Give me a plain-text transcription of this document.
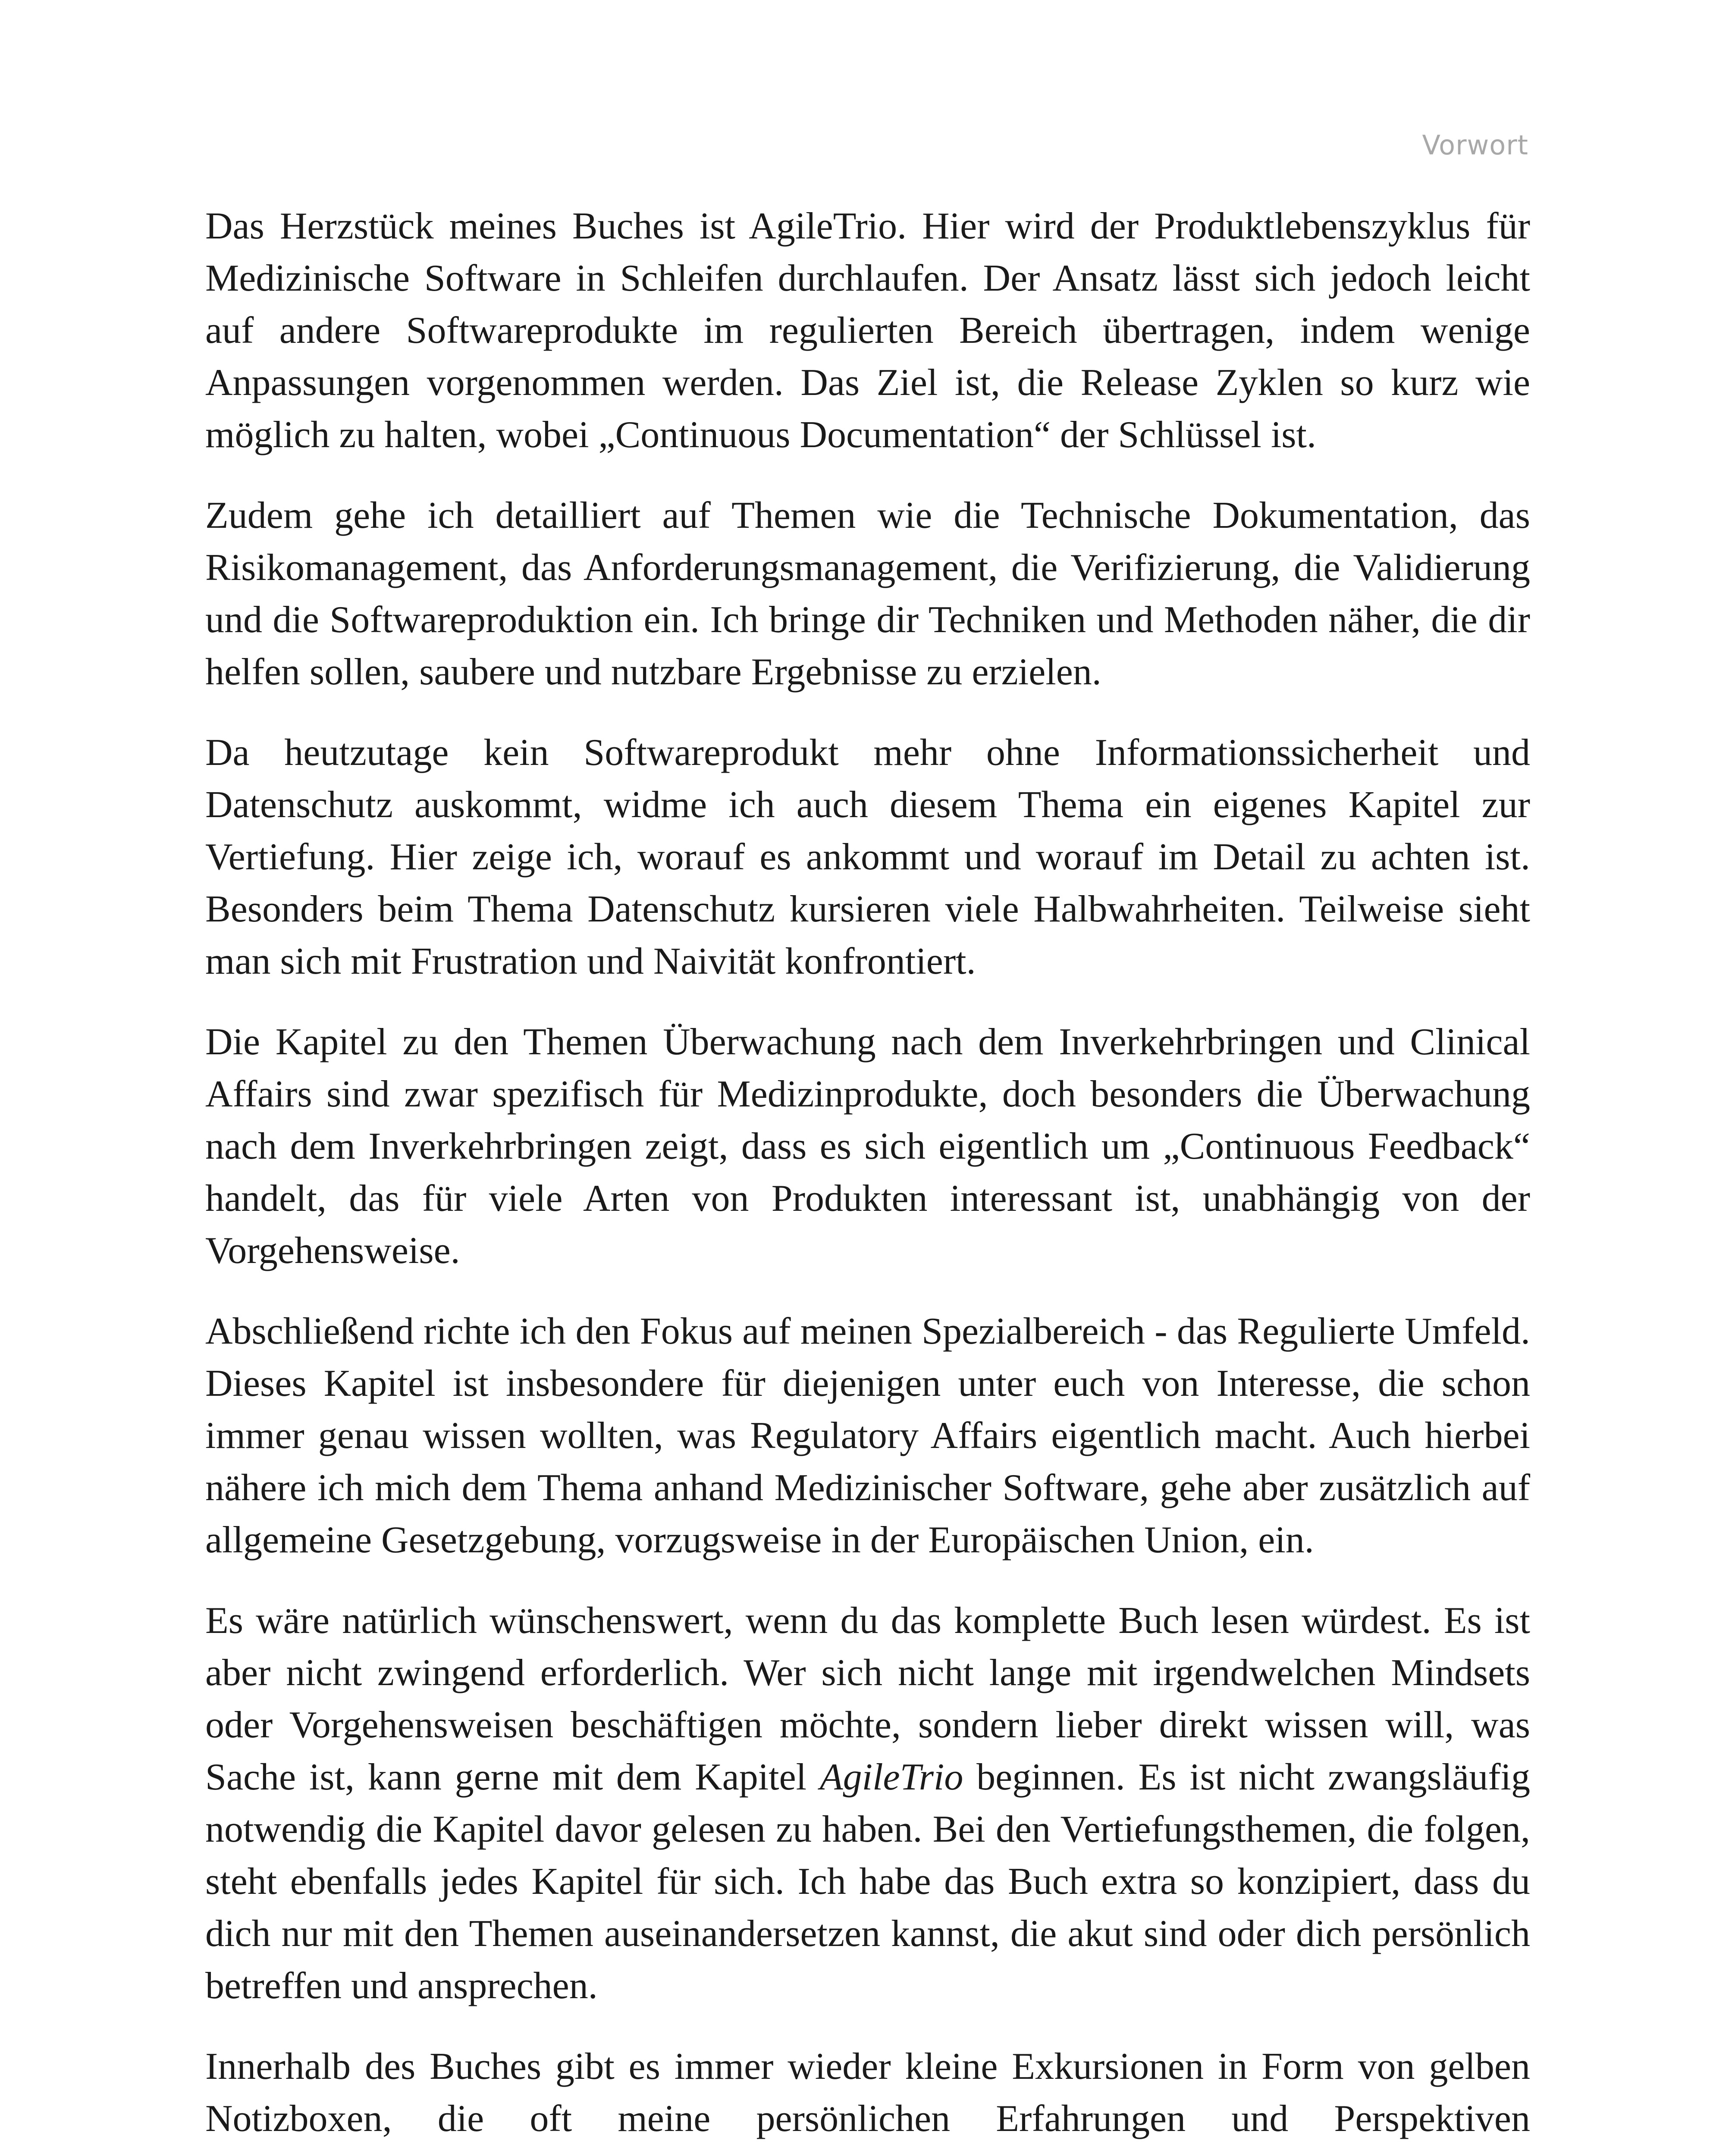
Vorwort

Das Herzstück meines Buches ist AgileTrio. Hier wird der Produktlebenszyklus für Medizinische Software in Schleifen durchlaufen. Der Ansatz lässt sich jedoch leicht auf andere Softwareprodukte im regulierten Bereich übertragen, indem wenige Anpassungen vorgenommen werden. Das Ziel ist, die Release Zyklen so kurz wie möglich zu halten, wobei „Continuous Documentation“ der Schlüssel ist.

Zudem gehe ich detailliert auf Themen wie die Technische Dokumentation, das Risikomanagement, das Anforderungsmanagement, die Verifizierung, die Validierung und die Softwareproduktion ein. Ich bringe dir Techniken und Methoden näher, die dir helfen sollen, saubere und nutzbare Ergebnisse zu erzielen.

Da heutzutage kein Softwareprodukt mehr ohne Informationssicherheit und Datenschutz auskommt, widme ich auch diesem Thema ein eigenes Kapitel zur Vertiefung. Hier zeige ich, worauf es ankommt und worauf im Detail zu achten ist. Besonders beim Thema Datenschutz kursieren viele Halbwahrheiten. Teilweise sieht man sich mit Frustration und Naivität konfrontiert.

Die Kapitel zu den Themen Überwachung nach dem Inverkehrbringen und Clinical Affairs sind zwar spezifisch für Medizinprodukte, doch besonders die Überwachung nach dem Inverkehrbringen zeigt, dass es sich eigentlich um „Continuous Feedback“ handelt, das für viele Arten von Produkten interessant ist, unabhängig von der Vorgehensweise.

Abschließend richte ich den Fokus auf meinen Spezialbereich - das Regulierte Umfeld. Dieses Kapitel ist insbesondere für diejenigen unter euch von Interesse, die schon immer genau wissen wollten, was Regulatory Affairs eigentlich macht. Auch hierbei nähere ich mich dem Thema anhand Medizinischer Software, gehe aber zusätzlich auf allgemeine Gesetzgebung, vorzugsweise in der Europäischen Union, ein.

Es wäre natürlich wünschenswert, wenn du das komplette Buch lesen würdest. Es ist aber nicht zwingend erforderlich. Wer sich nicht lange mit irgendwelchen Mindsets oder Vorgehensweisen beschäftigen möchte, sondern lieber direkt wissen will, was Sache ist, kann gerne mit dem Kapitel AgileTrio beginnen. Es ist nicht zwangsläufig notwendig die Kapitel davor gelesen zu haben. Bei den Vertiefungsthemen, die folgen, steht ebenfalls jedes Kapitel für sich. Ich habe das Buch extra so konzipiert, dass du dich nur mit den Themen auseinandersetzen kannst, die akut sind oder dich persönlich betreffen und ansprechen.

Innerhalb des Buches gibt es immer wieder kleine Exkursionen in Form von gelben Notizboxen, die oft meine persönlichen Erfahrungen und Perspektiven
